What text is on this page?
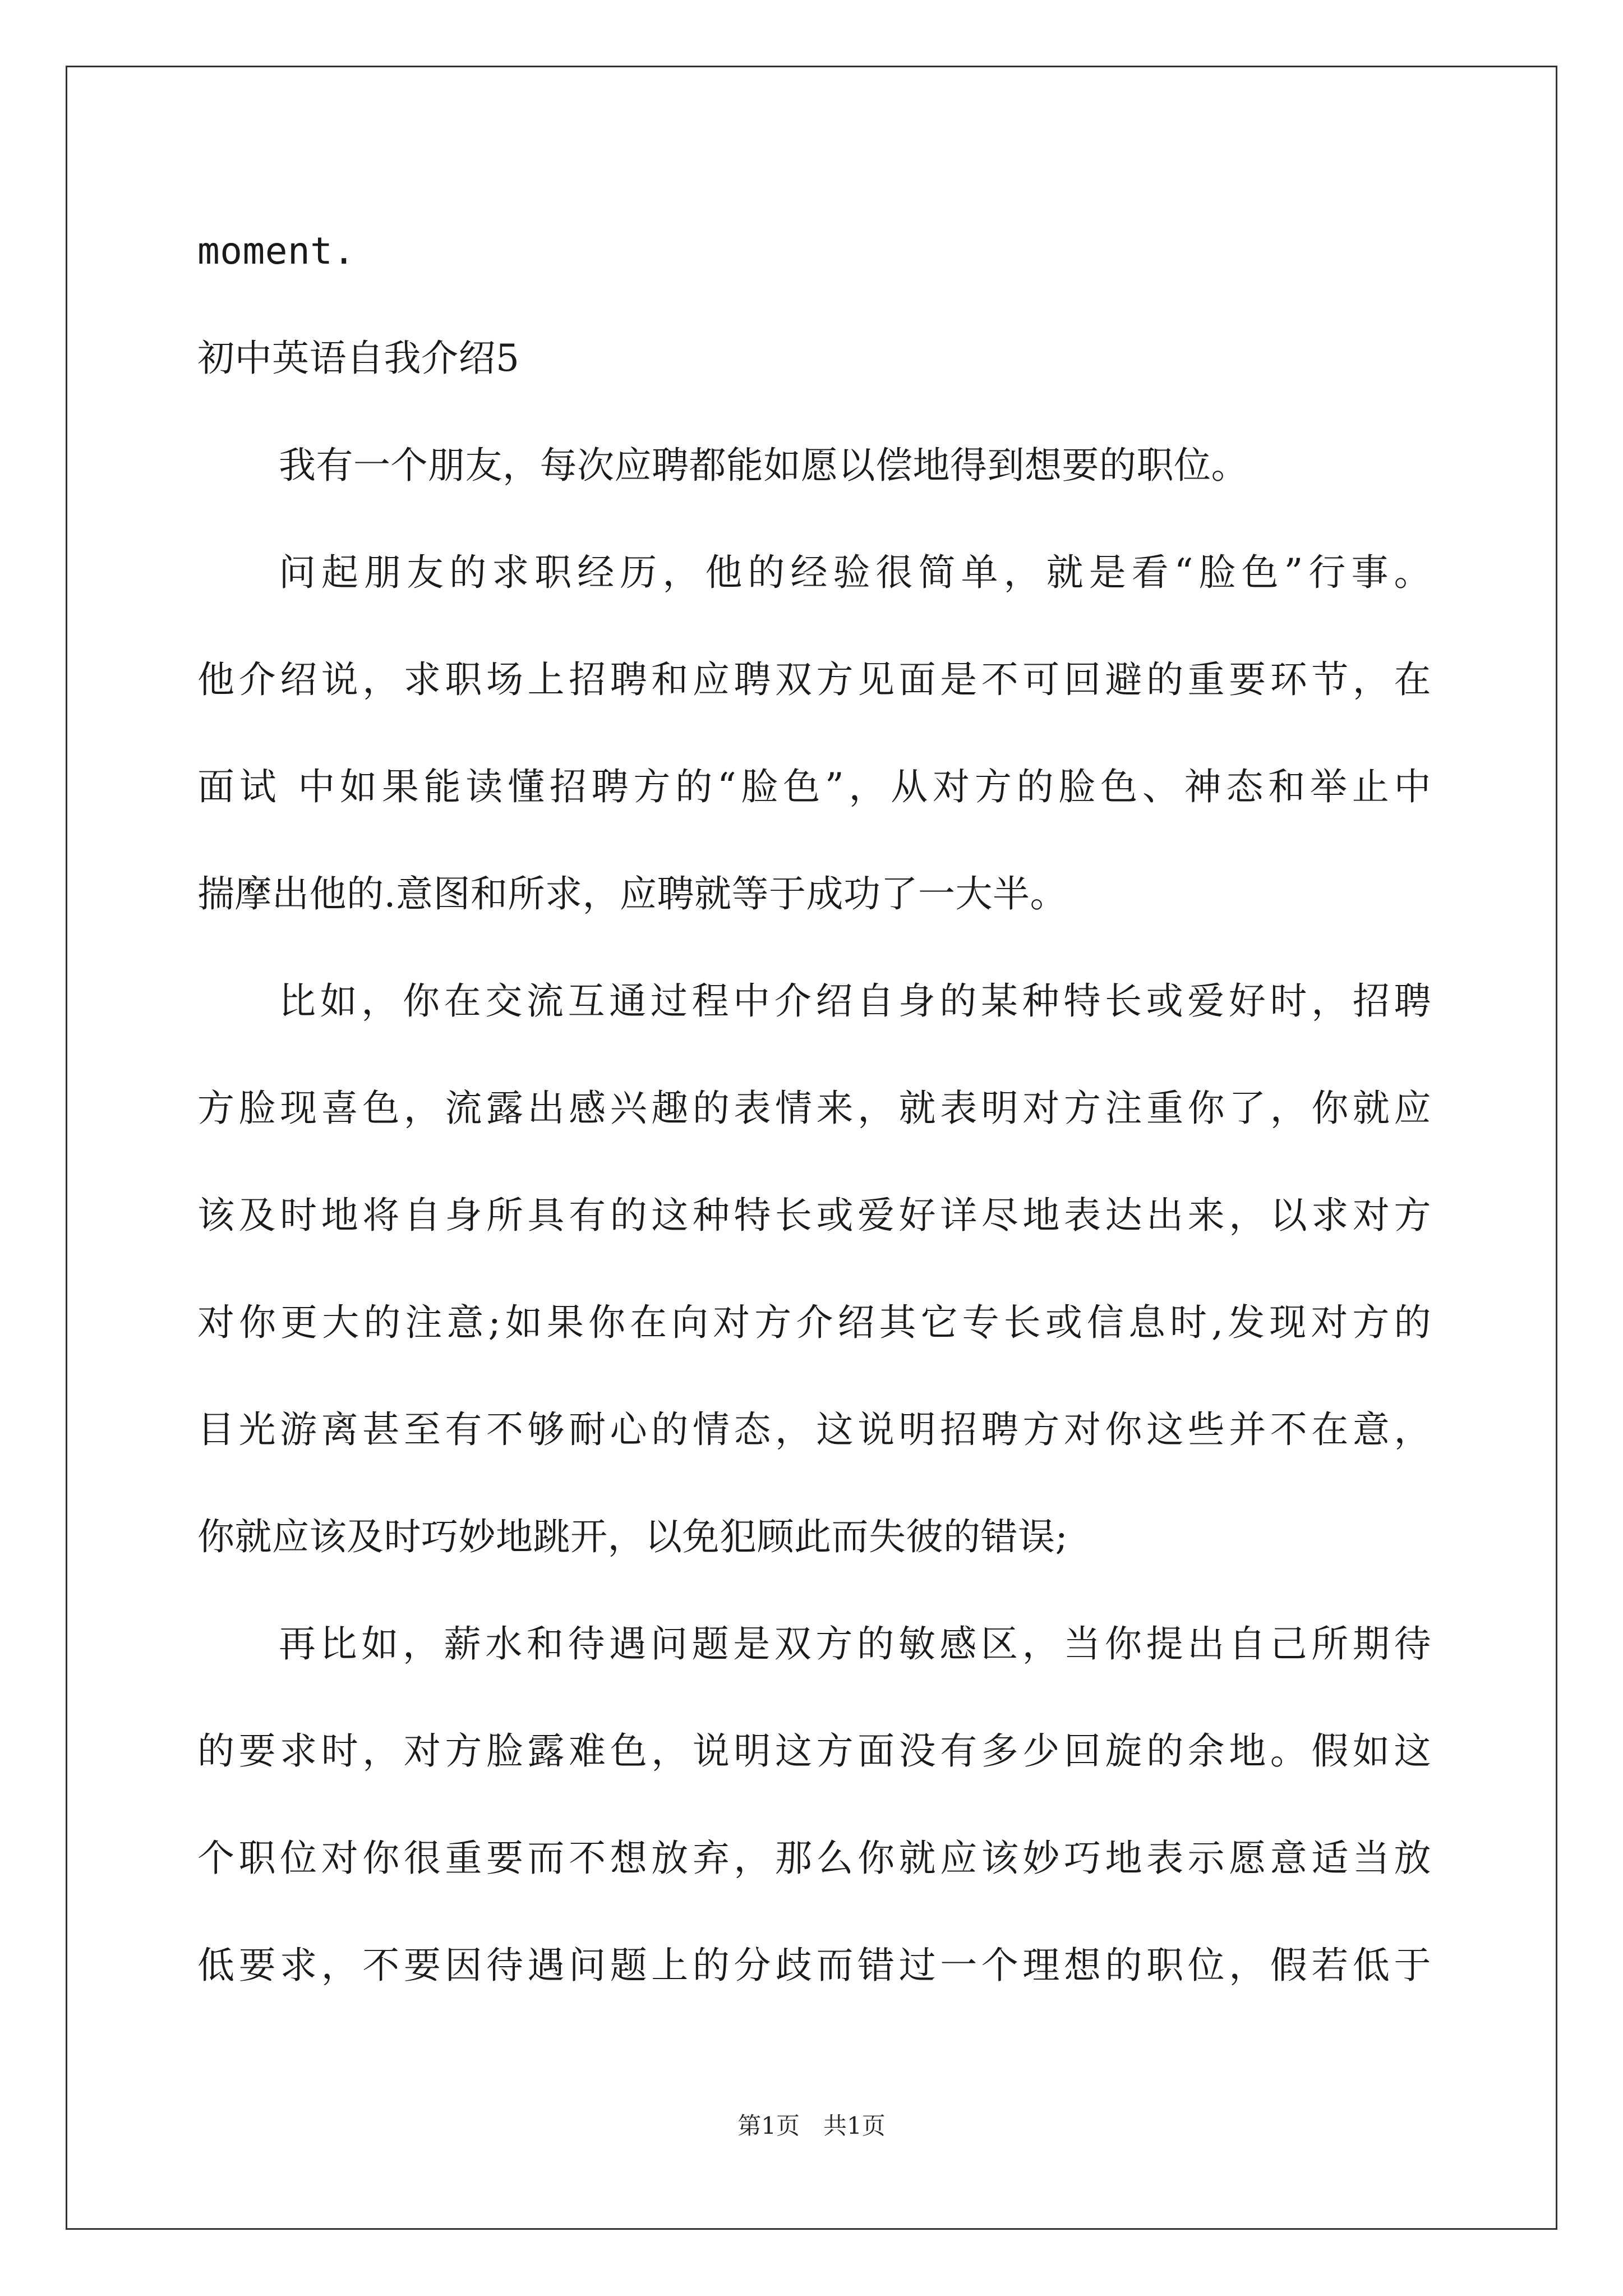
moment.
初中英语自我介绍5
我有一个朋友，每次应聘都能如愿以偿地得到想要的职位。
问起朋友的求职经历，他的经验很简单，就是看“脸色”行事。
他介绍说，求职场上招聘和应聘双方见面是不可回避的重要环节，在
面试 中如果能读懂招聘方的“脸色”，从对方的脸色、神态和举止中
揣摩出他的.意图和所求，应聘就等于成功了一大半。
比如，你在交流互通过程中介绍自身的某种特长或爱好时，招聘
方脸现喜色，流露出感兴趣的表情来，就表明对方注重你了，你就应
该及时地将自身所具有的这种特长或爱好详尽地表达出来，以求对方
对你更大的注意;如果你在向对方介绍其它专长或信息时,发现对方的
目光游离甚至有不够耐心的情态，这说明招聘方对你这些并不在意，
你就应该及时巧妙地跳开，以免犯顾此而失彼的错误;
再比如，薪水和待遇问题是双方的敏感区，当你提出自己所期待
的要求时，对方脸露难色，说明这方面没有多少回旋的余地。假如这
个职位对你很重要而不想放弃，那么你就应该妙巧地表示愿意适当放
低要求，不要因待遇问题上的分歧而错过一个理想的职位，假若低于
第1页　共1页
